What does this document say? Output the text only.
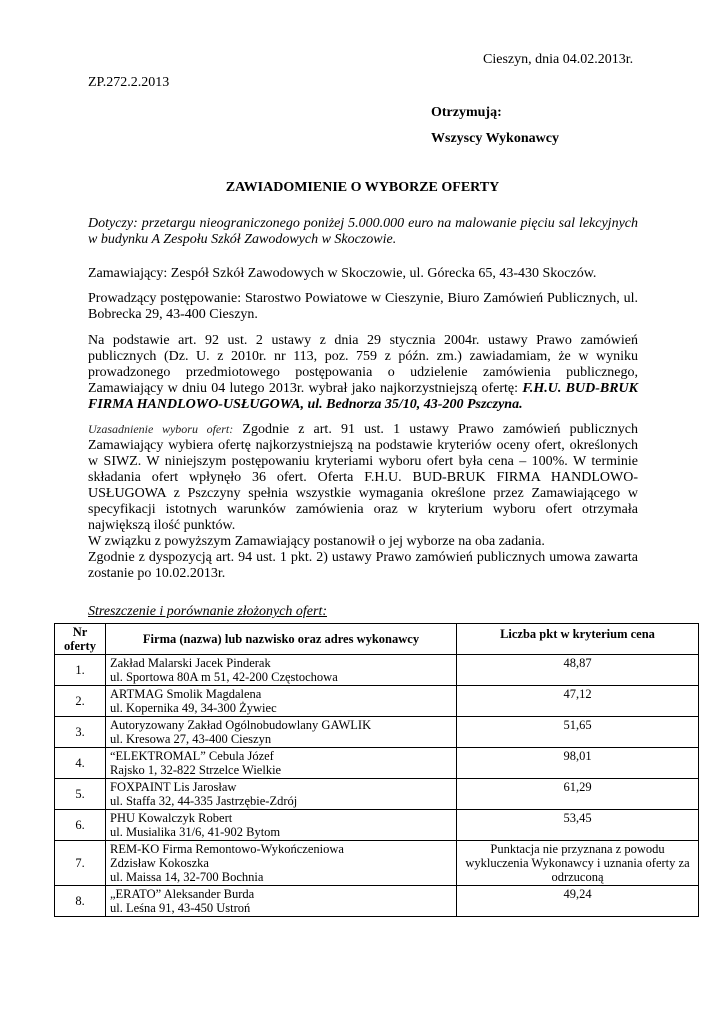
Cieszyn, dnia 04.02.2013r.
ZP.272.2.2013
Otrzymują:
Wszyscy Wykonawcy
ZAWIADOMIENIE O WYBORZE OFERTY
Dotyczy: przetargu nieograniczonego poniżej 5.000.000 euro na malowanie pięciu sal lekcyjnych w budynku A Zespołu Szkół Zawodowych w Skoczowie.
Zamawiający: Zespół Szkół Zawodowych w Skoczowie, ul. Górecka 65, 43-430 Skoczów.
Prowadzący postępowanie: Starostwo Powiatowe w Cieszynie, Biuro Zamówień Publicznych, ul. Bobrecka 29, 43-400 Cieszyn.
Na podstawie art. 92 ust. 2 ustawy z dnia 29 stycznia 2004r. ustawy Prawo zamówień publicznych (Dz. U. z 2010r. nr 113, poz. 759 z późn. zm.) zawiadamiam, że w wyniku prowadzonego przedmiotowego postępowania o udzielenie zamówienia publicznego, Zamawiający w dniu 04 lutego 2013r. wybrał jako najkorzystniejszą ofertę: F.H.U. BUD-BRUK FIRMA HANDLOWO-USŁUGOWA, ul. Bednorza 35/10, 43-200 Pszczyna.
Uzasadnienie wyboru ofert: Zgodnie z art. 91 ust. 1 ustawy Prawo zamówień publicznych Zamawiający wybiera ofertę najkorzystniejszą na podstawie kryteriów oceny ofert, określonych w SIWZ. W niniejszym postępowaniu kryteriami wyboru ofert była cena – 100%. W terminie składania ofert wpłynęło 36 ofert. Oferta F.H.U. BUD-BRUK FIRMA HANDLOWO-USŁUGOWA z Pszczyny spełnia wszystkie wymagania określone przez Zamawiającego w specyfikacji istotnych warunków zamówienia oraz w kryterium wyboru ofert otrzymała największą ilość punktów.
W związku z powyższym Zamawiający postanowił o jej wyborze na oba zadania.
Zgodnie z dyspozycją art. 94 ust. 1 pkt. 2) ustawy Prawo zamówień publicznych umowa zawarta zostanie po 10.02.2013r.
Streszczenie i porównanie złożonych ofert:
Nr oferty	Firma (nazwa) lub nazwisko oraz adres wykonawcy	Liczba pkt w kryterium cena
1.	Zakład Malarski Jacek Pinderak
ul. Sportowa 80A m 51, 42-200 Częstochowa	48,87
2.	ARTMAG Smolik Magdalena
ul. Kopernika 49, 34-300 Żywiec	47,12
3.	Autoryzowany Zakład Ogólnobudowlany GAWLIK
ul. Kresowa 27, 43-400 Cieszyn	51,65
4.	“ELEKTROMAL” Cebula Józef
Rajsko 1, 32-822 Strzelce Wielkie	98,01
5.	FOXPAINT Lis Jarosław
ul. Staffa 32, 44-335 Jastrzębie-Zdrój	61,29
6.	PHU Kowalczyk Robert
ul. Musialika 31/6, 41-902 Bytom	53,45
7.	REM-KO Firma Remontowo-Wykończeniowa
Zdzisław Kokoszka
ul. Maissa 14, 32-700 Bochnia	Punktacja nie przyznana z powodu wykluczenia Wykonawcy i uznania oferty za odrzuconą
8.	„ERATO” Aleksander Burda
ul. Leśna 91, 43-450 Ustroń	49,24
